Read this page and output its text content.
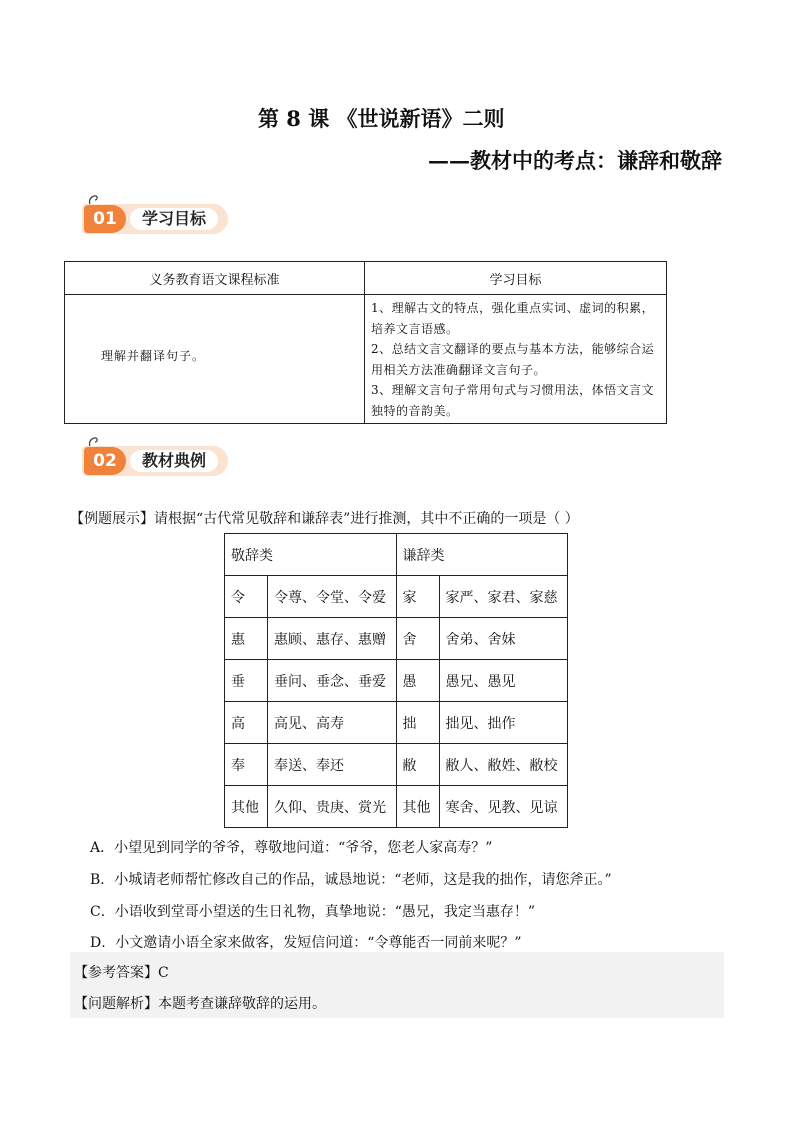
第 8 课 《世说新语》二则
——教材中的考点：谦辞和敬辞
01	学习目标
义务教育语文课程标准	学习目标

理解并翻译句子。	1、理解古文的特点，强化重点实词、虚词的积累，培养文言语感。
2、总结文言文翻译的要点与基本方法，能够综合运用相关方法准确翻译文言句子。
3、理解文言句子常用句式与习惯用法，体悟文言文独特的音韵美。
02	教材典例
【例题展示】请根据“古代常见敬辞和谦辞表”进行推测，其中不正确的一项是（ ）
敬辞类		谦辞类	
令	令尊、令堂、令爱	家	家严、家君、家慈
惠	惠顾、惠存、惠赠	舍	舍弟、舍妹
垂	垂问、垂念、垂爱	愚	愚兄、愚见
高	高见、高寿	拙	拙见、拙作
奉	奉送、奉还	敝	敝人、敝姓、敝校
其他	久仰、贵庚、赏光	其他	寒舍、见教、见谅
A．小望见到同学的爷爷，尊敬地问道：“爷爷，您老人家高寿？”
B．小城请老师帮忙修改自己的作品，诚恳地说：“老师，这是我的拙作，请您斧正。”
C．小语收到堂哥小望送的生日礼物，真挚地说：“愚兄，我定当惠存！”
D．小文邀请小语全家来做客，发短信问道：“令尊能否一同前来呢？”
【参考答案】C
【问题解析】本题考查谦辞敬辞的运用。
